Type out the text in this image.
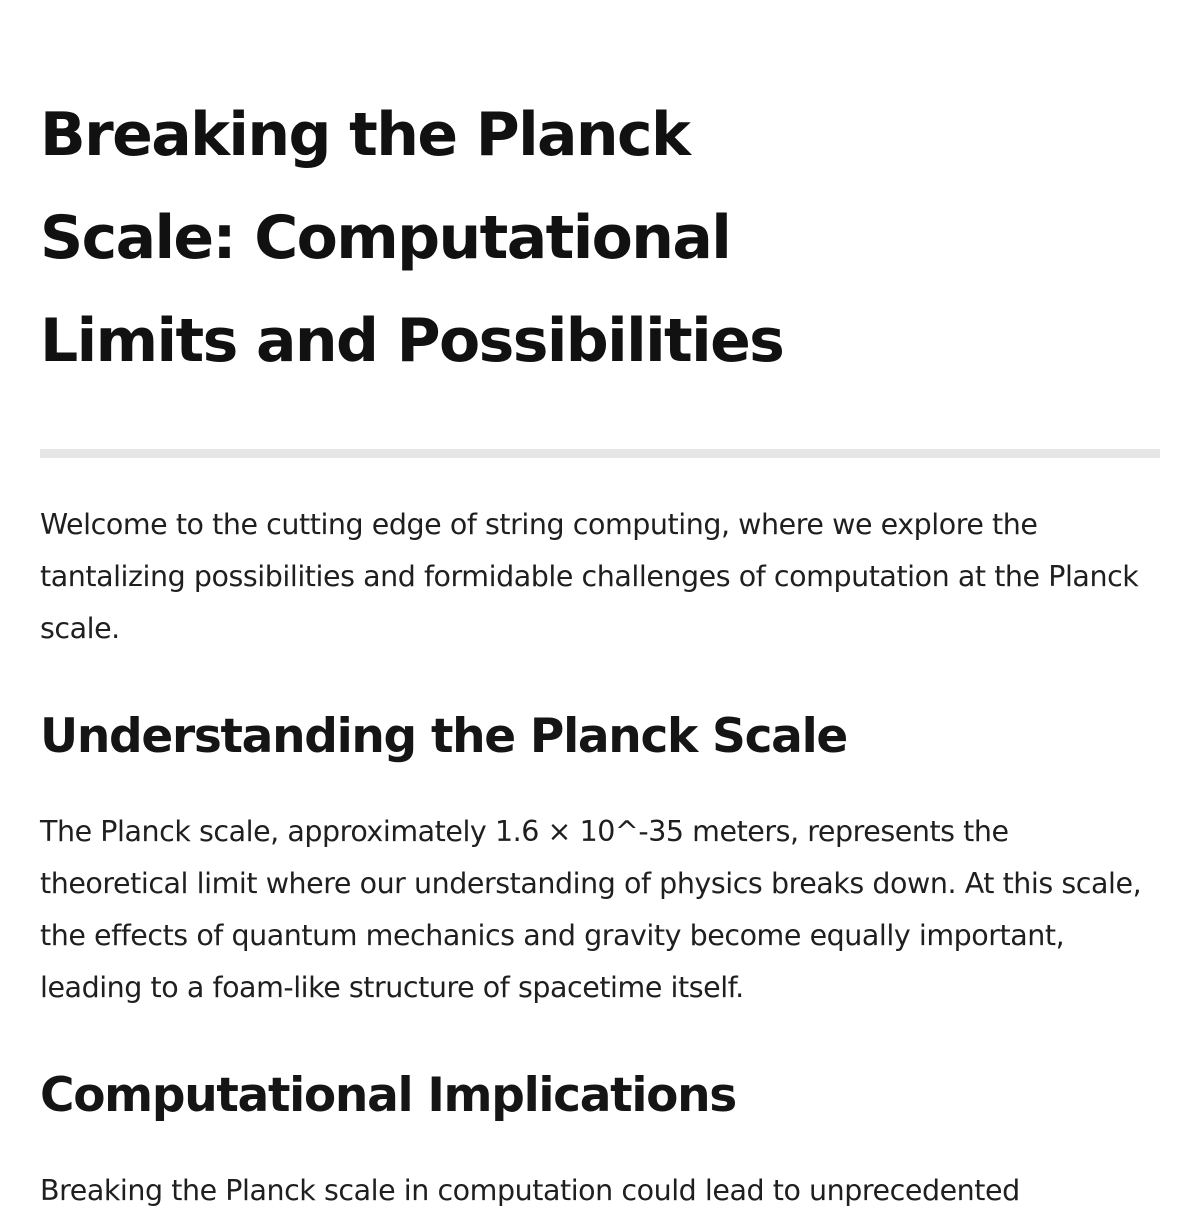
Breaking the Planck Scale: Computational Limits and Possibilities

Welcome to the cutting edge of string computing, where we explore the tantalizing possibilities and formidable challenges of computation at the Planck scale.

Understanding the Planck Scale

The Planck scale, approximately 1.6 × 10^-35 meters, represents the theoretical limit where our understanding of physics breaks down. At this scale, the effects of quantum mechanics and gravity become equally important, leading to a foam-like structure of spacetime itself.

Computational Implications

Breaking the Planck scale in computation could lead to unprecedented
